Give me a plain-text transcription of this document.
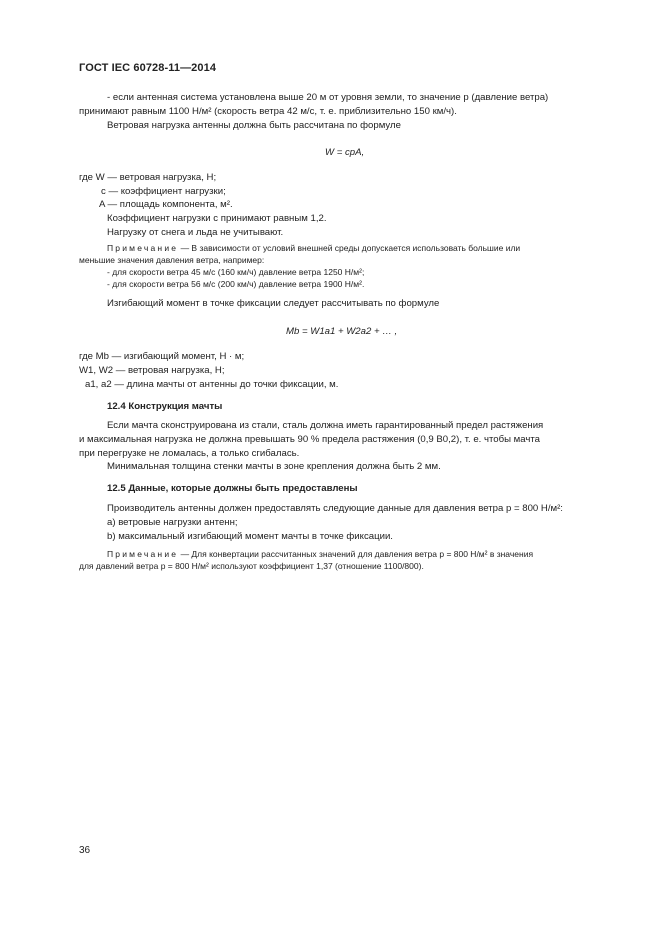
ГОСТ IEC 60728-11—2014
- если антенная система установлена выше 20 м от уровня земли, то значение p (давление ветра)
принимают равным 1100 Н/м² (скорость ветра 42 м/с, т. е. приблизительно 150 км/ч).
Ветровая нагрузка антенны должна быть рассчитана по формуле
W = cpA,
где W — ветровая нагрузка, Н;
c — коэффициент нагрузки;
A — площадь компонента, м².
Коэффициент нагрузки c принимают равным 1,2.
Нагрузку от снега и льда не учитывают.
Примечание — В зависимости от условий внешней среды допускается использовать большие или
меньшие значения давления ветра, например:
- для скорости ветра 45 м/с (160 км/ч) давление ветра 1250 Н/м²;
- для скорости ветра 56 м/с (200 км/ч) давление ветра 1900 Н/м².
Изгибающий момент в точке фиксации следует рассчитывать по формуле
Mb = W1a1 + W2a2 + … ,
где Mb — изгибающий момент, Н · м;
W1, W2 — ветровая нагрузка, Н;
a1, a2 — длина мачты от антенны до точки фиксации, м.
12.4 Конструкция мачты
Если мачта сконструирована из стали, сталь должна иметь гарантированный предел растяжения
и максимальная нагрузка не должна превышать 90 % предела растяжения (0,9 B0,2), т. е. чтобы мачта
при перегрузке не ломалась, а только сгибалась.
Минимальная толщина стенки мачты в зоне крепления должна быть 2 мм.
12.5 Данные, которые должны быть предоставлены
Производитель антенны должен предоставлять следующие данные для давления ветра p = 800 Н/м²:
a) ветровые нагрузки антенн;
b) максимальный изгибающий момент мачты в точке фиксации.
Примечание — Для конвертации рассчитанных значений для давления ветра p = 800 Н/м² в значения
для давлений ветра p = 800 Н/м² используют коэффициент 1,37 (отношение 1100/800).
36
